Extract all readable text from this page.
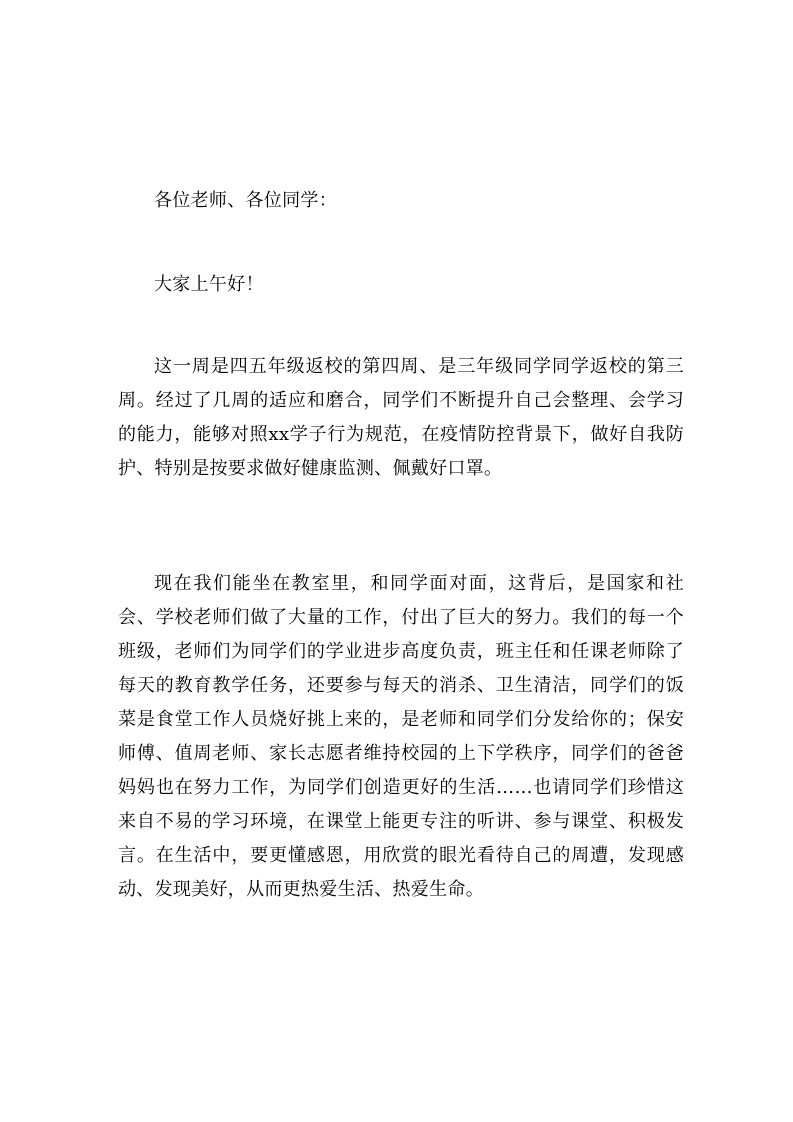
各位老师、各位同学：

大家上午好！

这一周是四五年级返校的第四周、是三年级同学同学返校的第三周。经过了几周的适应和磨合，同学们不断提升自己会整理、会学习的能力，能够对照xx学子行为规范，在疫情防控背景下，做好自我防护、特别是按要求做好健康监测、佩戴好口罩。

现在我们能坐在教室里，和同学面对面，这背后，是国家和社会、学校老师们做了大量的工作，付出了巨大的努力。我们的每一个班级，老师们为同学们的学业进步高度负责，班主任和任课老师除了每天的教育教学任务，还要参与每天的消杀、卫生清洁，同学们的饭菜是食堂工作人员烧好挑上来的，是老师和同学们分发给你的；保安师傅、值周老师、家长志愿者维持校园的上下学秩序，同学们的爸爸妈妈也在努力工作，为同学们创造更好的生活……也请同学们珍惜这来自不易的学习环境，在课堂上能更专注的听讲、参与课堂、积极发言。在生活中，要更懂感恩，用欣赏的眼光看待自己的周遭，发现感动、发现美好，从而更热爱生活、热爱生命。
